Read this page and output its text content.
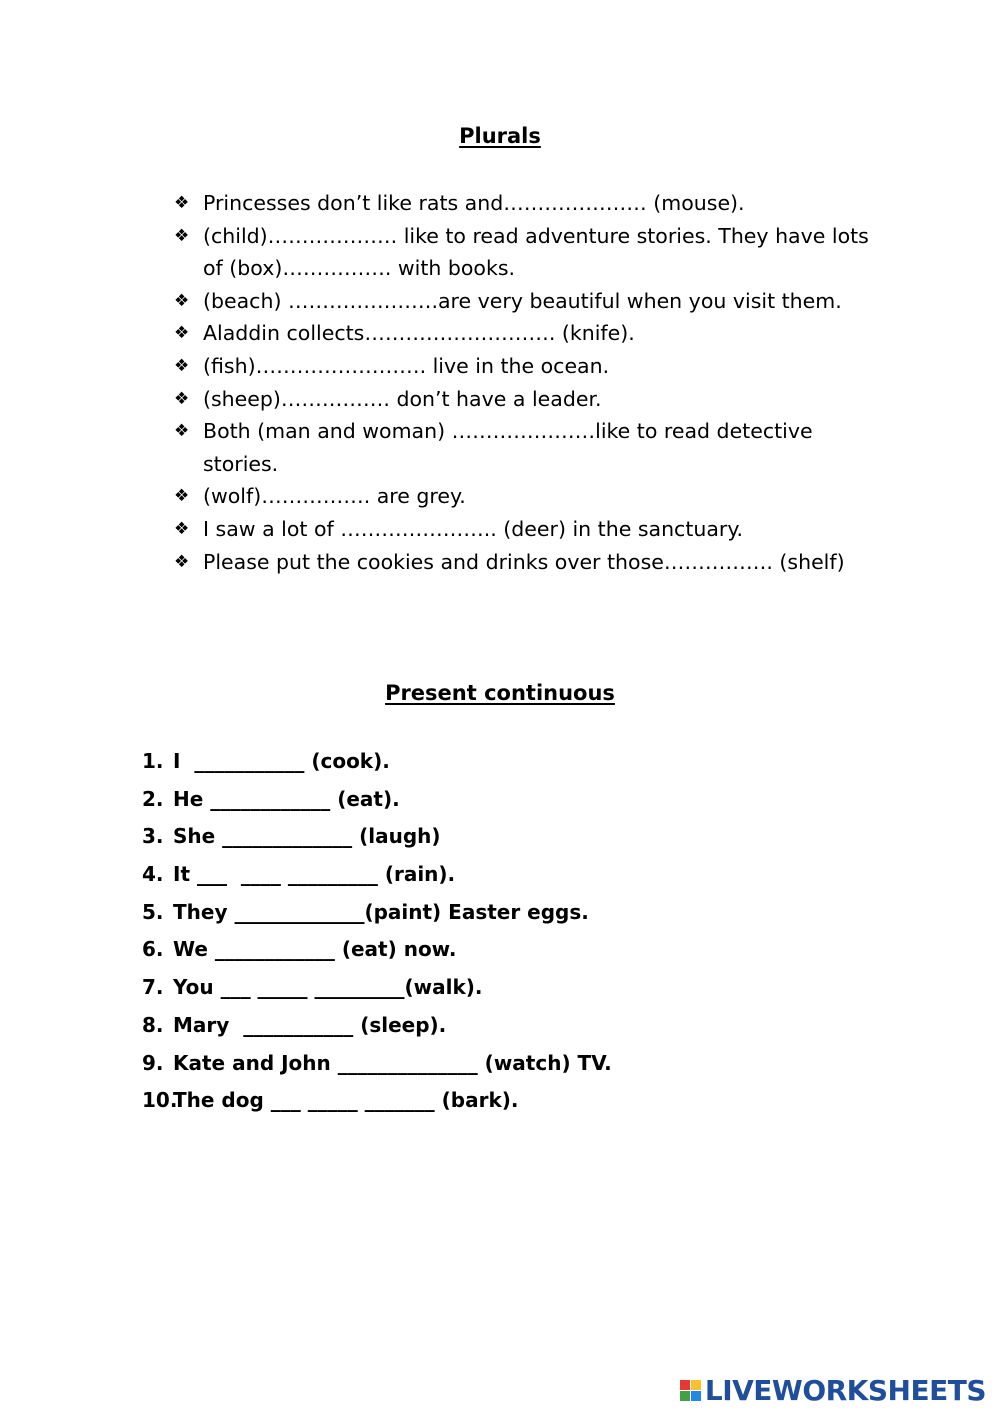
Plurals
❖ Princesses don’t like rats and………………… (mouse).
❖ (child)………………. like to read adventure stories. They have lots of (box)……………. with books.
❖ (beach) ………………….are very beautiful when you visit them.
❖ Aladdin collects………………………. (knife).
❖ (fish)……………………. live in the ocean.
❖ (sheep)……………. don’t have a leader.
❖ Both (man and woman) …………………like to read detective stories.
❖ (wolf)……………. are grey.
❖ I saw a lot of ………………….. (deer) in the sanctuary.
❖ Please put the cookies and drinks over those……………. (shelf)
Present continuous
1. I  ___________ (cook).
2. He ____________ (eat).
3. She _____________ (laugh)
4. It ___  ____ _________ (rain).
5. They _____________(paint) Easter eggs.
6. We ____________ (eat) now.
7. You ___ _____ _________(walk).
8. Mary  ___________ (sleep).
9. Kate and John ______________ (watch) TV.
10.
The dog ___ _____ _______ (bark).
LIVEWORKSHEETS
